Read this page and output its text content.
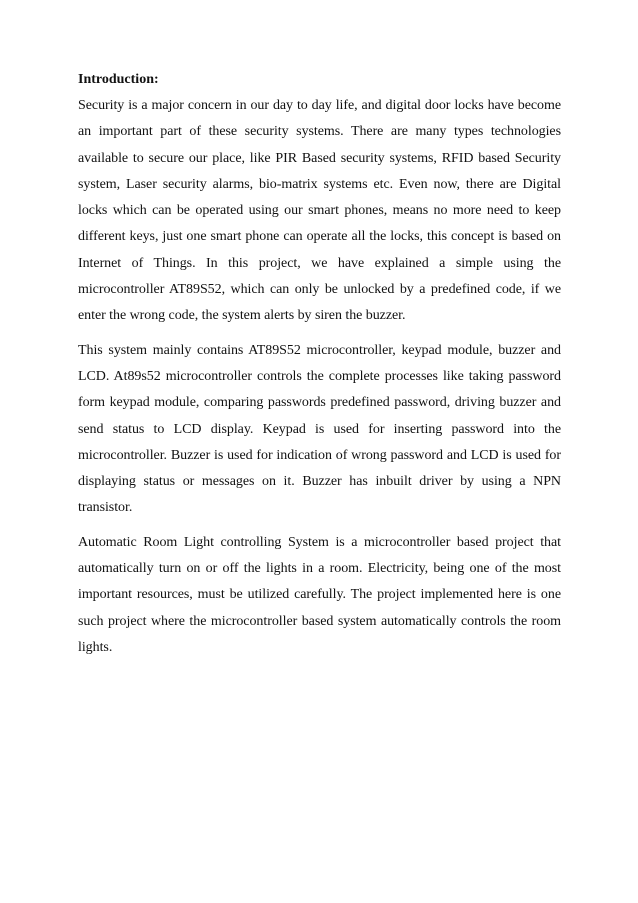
Introduction:

Security is a major concern in our day to day life, and digital door locks have become an important part of these security systems. There are many types technologies available to secure our place, like PIR Based security systems, RFID based Security system, Laser security alarms, bio-matrix systems etc. Even now, there are Digital locks which can be operated using our smart phones, means no more need to keep different keys, just one smart phone can operate all the locks, this concept is based on Internet of Things. In this project, we have explained a simple using the microcontroller AT89S52, which can only be unlocked by a predefined code, if we enter the wrong code, the system alerts by siren the buzzer.

This system mainly contains AT89S52 microcontroller, keypad module, buzzer and LCD. At89s52 microcontroller controls the complete processes like taking password form keypad module, comparing passwords predefined password, driving buzzer and send status to LCD display. Keypad is used for inserting password into the microcontroller. Buzzer is used for indication of wrong password and LCD is used for displaying status or messages on it. Buzzer has inbuilt driver by using a NPN transistor.

Automatic Room Light controlling System is a microcontroller based project that automatically turn on or off the lights in a room. Electricity, being one of the most important resources, must be utilized carefully. The project implemented here is one such project where the microcontroller based system automatically controls the room lights.
